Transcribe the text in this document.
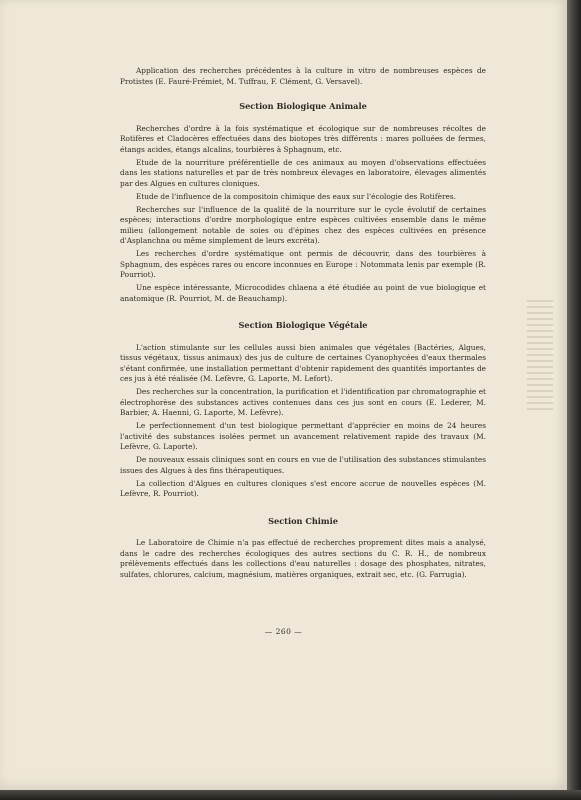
Application des recherches précédentes à la culture in vitro de nombreuses espèces de Protistes (E. Fauré-Frémiet, M. Tuffrau, F. Clément, G. Versavel).

Section Biologique Animale

Recherches d'ordre à la fois systématique et écologique sur de nombreuses récoltes de Rotifères et Cladocères effectuées dans des biotopes très différents : mares polluées de fermes, étangs acides, étangs alcalins, tourbières à Sphagnum, etc.

Etude de la nourriture préférentielle de ces animaux au moyen d'observations effectuées dans les stations naturelles et par de très nombreux élevages en laboratoire, élevages alimentés par des Algues en cultures cloniques.

Etude de l'influence de la compositoin chimique des eaux sur l'écologie des Rotifères.

Recherches sur l'influence de la qualité de la nourriture sur le cycle évolutif de certaines espèces; interactions d'ordre morphologique entre espèces cultivées ensemble dans le même milieu (allongement notable de soies ou d'épines chez des espèces cultivées en présence d'Asplanchna ou même simplement de leurs excréta).

Les recherches d'ordre systématique ont permis de découvrir, dans des tourbières à Sphagnum, des espèces rares ou encore inconnues en Europe : Notommata lenis par exemple (R. Pourriot).

Une espèce intéressante, Microcodides chlaena a été étudiée au point de vue biologique et anatomique (R. Pourriot, M. de Beauchamp).

Section Biologique Végétale

L'action stimulante sur les cellules aussi bien animales que végétales (Bactéries, Algues, tissus végétaux, tissus animaux) des jus de culture de certaines Cyanophycées d'eaux thermales s'étant confirmée, une installation permettant d'obtenir rapidement des quantités importantes de ces jus à été réalisée (M. Lefèvre, G. Laporte, M. Lefort).

Des recherches sur la concentration, la purification et l'identification par chromatographie et électrophorèse des substances actives contenues dans ces jus sont en cours (E. Lederer, M. Barbier, A. Haenni, G. Laporte, M. Lefèvre).

Le perfectionnement d'un test biologique permettant d'apprécier en moins de 24 heures l'activité des substances isolées permet un avancement relativement rapide des travaux (M. Lefèvre, G. Laporte).

De nouveaux essais cliniques sont en cours en vue de l'utilisation des substances stimulantes issues des Algues à des fins thérapeutiques.

La collection d'Algues en cultures cloniques s'est encore accrue de nouvelles espèces (M. Lefèvre, R. Pourriot).

Section Chimie

Le Laboratoire de Chimie n'a pas effectué de recherches proprement dites mais a analysé, dans le cadre des recherches écologiques des autres sections du C. R. H., de nombreux prélèvements effectués dans les collections d'eau naturelles : dosage des phosphates, nitrates, sulfates, chlorures, calcium, magnésium, matières organiques, extrait sec, etc. (G. Farrugia).

— 260 —
